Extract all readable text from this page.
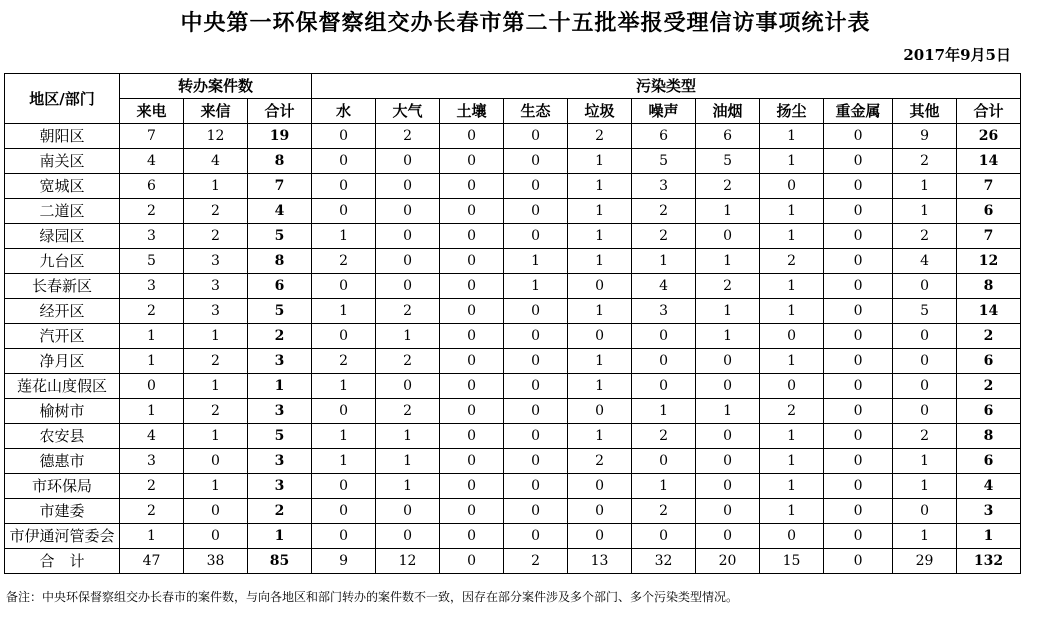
中央第一环保督察组交办长春市第二十五批举报受理信访事项统计表
2017年9月5日
地区/部门	转办案件数			污染类型										
	来电	来信	合计	水	大气	土壤	生态	垃圾	噪声	油烟	扬尘	重金属	其他	合计
朝阳区	7	12	19	0	2	0	0	2	6	6	1	0	9	26
南关区	4	4	8	0	0	0	0	1	5	5	1	0	2	14
宽城区	6	1	7	0	0	0	0	1	3	2	0	0	1	7
二道区	2	2	4	0	0	0	0	1	2	1	1	0	1	6
绿园区	3	2	5	1	0	0	0	1	2	0	1	0	2	7
九台区	5	3	8	2	0	0	1	1	1	1	2	0	4	12
长春新区	3	3	6	0	0	0	1	0	4	2	1	0	0	8
经开区	2	3	5	1	2	0	0	1	3	1	1	0	5	14
汽开区	1	1	2	0	1	0	0	0	0	1	0	0	0	2
净月区	1	2	3	2	2	0	0	1	0	0	1	0	0	6
莲花山度假区	0	1	1	1	0	0	0	1	0	0	0	0	0	2
榆树市	1	2	3	0	2	0	0	0	1	1	2	0	0	6
农安县	4	1	5	1	1	0	0	1	2	0	1	0	2	8
德惠市	3	0	3	1	1	0	0	2	0	0	1	0	1	6
市环保局	2	1	3	0	1	0	0	0	1	0	1	0	1	4
市建委	2	0	2	0	0	0	0	0	2	0	1	0	0	3
市伊通河管委会	1	0	1	0	0	0	0	0	0	0	0	0	1	1
合　计	47	38	85	9	12	0	2	13	32	20	15	0	29	132
备注：中央环保督察组交办长春市的案件数，与向各地区和部门转办的案件数不一致，因存在部分案件涉及多个部门、多个污染类型情况。
